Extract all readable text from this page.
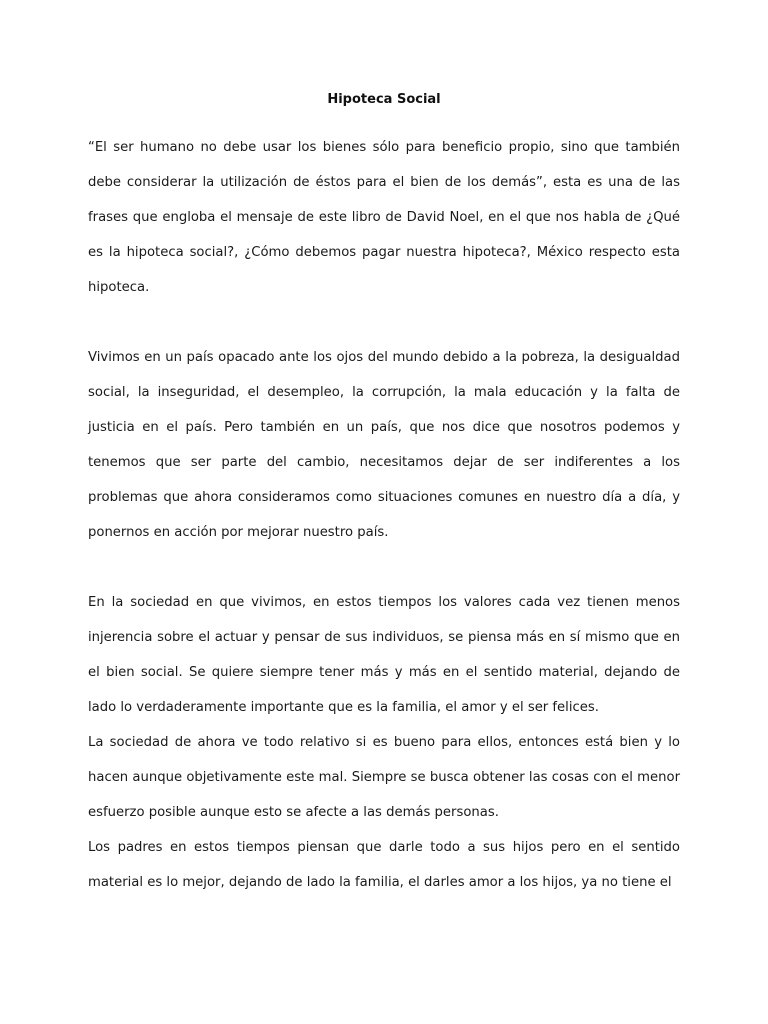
Hipoteca Social

“El ser humano no debe usar los bienes sólo para beneficio propio, sino que también debe considerar la utilización de éstos para el bien de los demás”, esta es una de las frases que engloba el mensaje de este libro de David Noel, en el que nos habla de ¿Qué es la hipoteca social?, ¿Cómo debemos pagar nuestra hipoteca?, México respecto esta hipoteca.

Vivimos en un país opacado ante los ojos del mundo debido a la pobreza, la desigualdad social, la inseguridad, el desempleo, la corrupción, la mala educación y la falta de justicia en el país. Pero también en un país, que nos dice que nosotros podemos y tenemos que ser parte del cambio, necesitamos dejar de ser indiferentes a los problemas que ahora consideramos como situaciones comunes en nuestro día a día, y ponernos en acción por mejorar nuestro país.

En la sociedad en que vivimos, en estos tiempos los valores cada vez tienen menos injerencia sobre el actuar y pensar de sus individuos, se piensa más en sí mismo que en el bien social. Se quiere siempre tener más y más en el sentido material, dejando de lado lo verdaderamente importante que es la familia, el amor y el ser felices.

La sociedad de ahora ve todo relativo si es bueno para ellos, entonces está bien y lo hacen aunque objetivamente este mal. Siempre se busca obtener las cosas con el menor esfuerzo posible aunque esto se afecte a las demás personas.

Los padres en estos tiempos piensan que darle todo a sus hijos pero en el sentido material es lo mejor, dejando de lado la familia, el darles amor a los hijos, ya no tiene el
